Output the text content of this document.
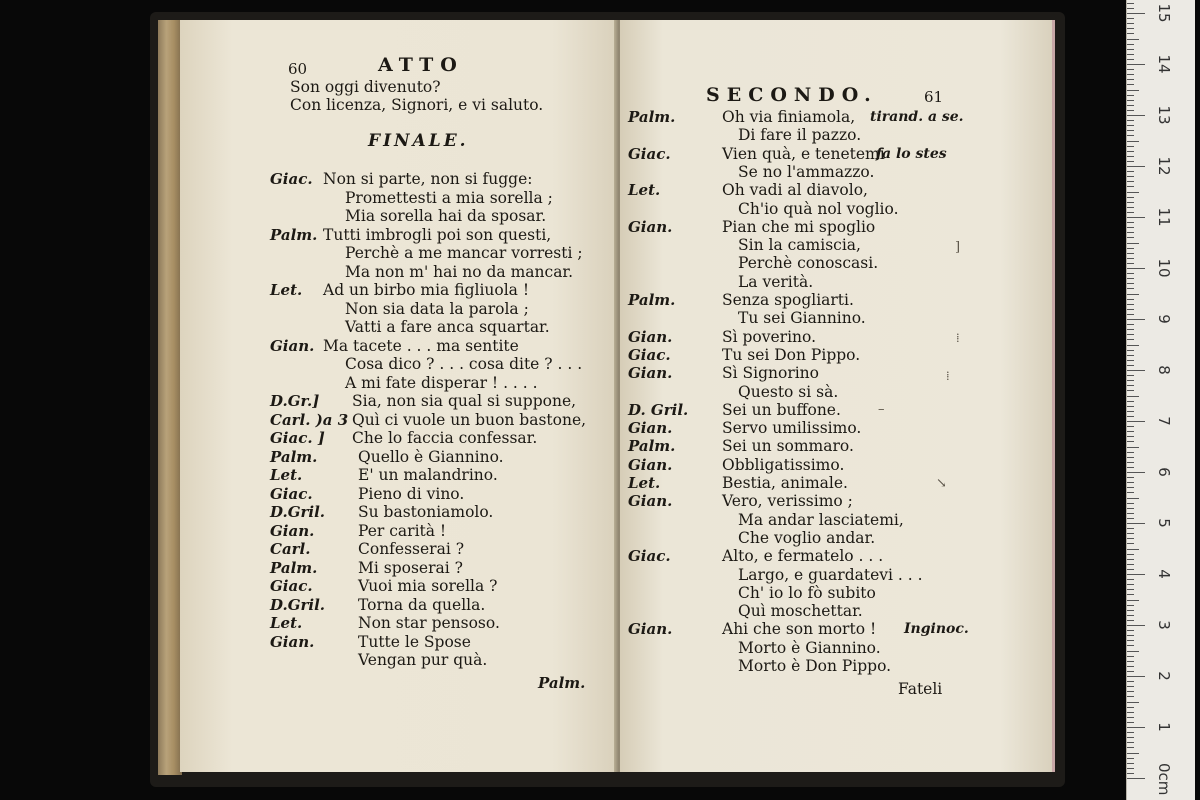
60	ATTO
Son oggi divenuto?
Con licenza, Signori, e vi saluto.
FINALE.
Giac. Non si parte, non si fugge:
Promettesti a mia sorella ;
Mia sorella hai da sposar.
Palm. Tutti imbrogli poi son questi,
Perchè a me mancar vorresti ;
Ma non m' hai no da mancar.
Let. Ad un birbo mia figliuola !
Non sia data la parola ;
Vatti a fare anca squartar.
Gian. Ma tacete . . . ma sentite
Cosa dico ? . . . cosa dite ? . . .
A mi fate disperar ! . . . .
D.Gr.] Sia, non sia qual si suppone,
Carl. )a 3 Quì ci vuole un buon bastone,
Giac. ] Che lo faccia confessar.
Palm.	Quello è Giannino.
Let.	E' un malandrino.
Giac.	Pieno di vino.
D.Gril. Su bastoniamolo.
Gian.	Per carità !
Carl.	Confesserai ?
Palm.	Mi sposerai ?
Giac.	Vuoi mia sorella ?
D.Gril. Torna da quella.
Let.	Non star pensoso.
Gian.	Tutte le Spose
Vengan pur quà.
Palm.
SECONDO.	61
Palm.	Oh via finiamola, tirand. a se.
Di fare il pazzo.
Giac.	Vien quà, e tenetemi
fa lo stes
Se no l'ammazzo.
Let.	Oh vadi al diavolo,
Ch'io quà nol voglio.
Gian.	Pian che mi spoglio
Sin la camiscia,
Perchè conoscasi.
La verità.
Palm.	Senza spogliarti.
Tu sei Giannino.
Gian.	Sì poverino.
Giac.	Tu sei Don Pippo.
Gian.	Sì Signorino
Questo si sà.
D. Gril. Sei un buffone.
Gian.	Servo umilissimo.
Palm.	Sei un sommaro.
Gian.	Obbligatissimo.
Let.	Bestia, animale.
Gian.	Vero, verissimo ;
Ma andar lasciatemi,
Che voglio andar.
Giac.	Alto, e fermatelo . . .
Largo, e guardatevi . . .
Ch' io lo fò subito
Quì moschettar.
Gian.	Ahi che son morto ! Inginoc.
Morto è Giannino.
Morto è Don Pippo.
Fateli
]
⁞
⁞
–
↘
0cm
1
2
3
4
5
6
7
8
9
10
11
12
13
14
15
